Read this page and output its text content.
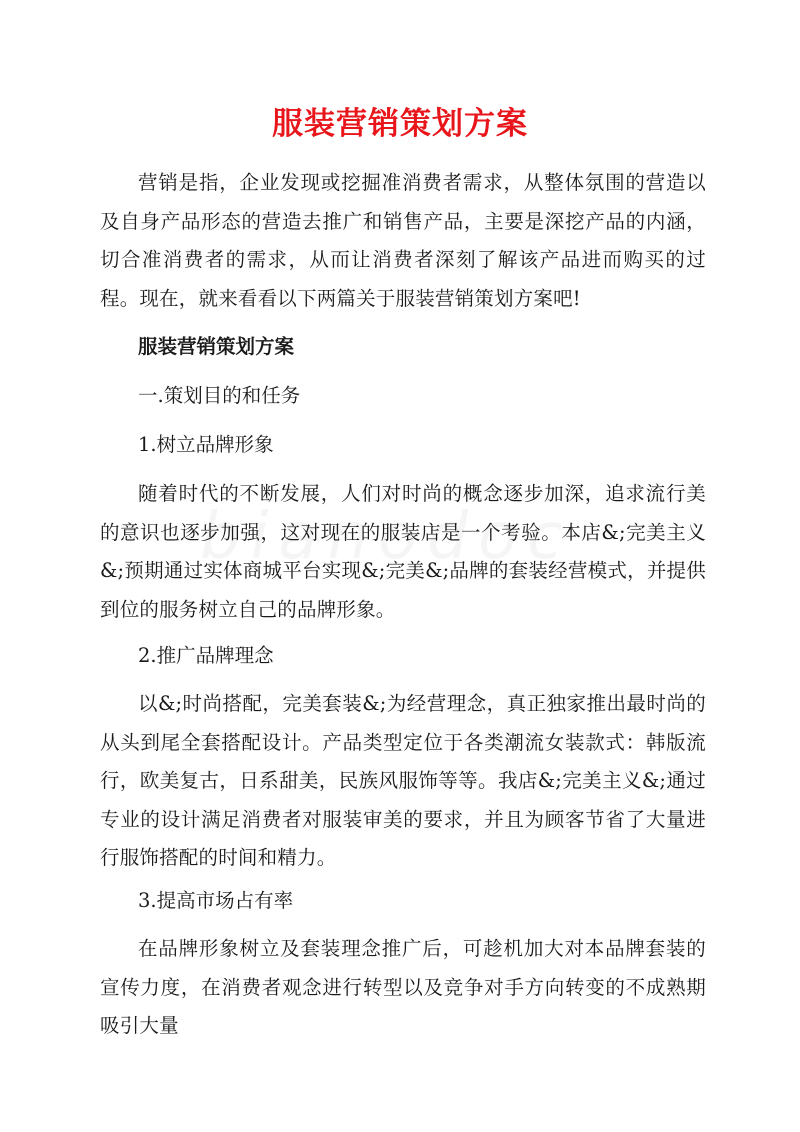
服装营销策划方案
营销是指，企业发现或挖掘准消费者需求，从整体氛围的营造以及自身产品形态的营造去推广和销售产品，主要是深挖产品的内涵，切合准消费者的需求，从而让消费者深刻了解该产品进而购买的过程。现在，就来看看以下两篇关于服装营销策划方案吧!
服装营销策划方案
一.策划目的和任务
1.树立品牌形象
随着时代的不断发展，人们对时尚的概念逐步加深，追求流行美的意识也逐步加强，这对现在的服装店是一个考验。本店&;完美主义&;预期通过实体商城平台实现&;完美&;品牌的套装经营模式，并提供到位的服务树立自己的品牌形象。
2.推广品牌理念
以&;时尚搭配，完美套装&;为经营理念，真正独家推出最时尚的从头到尾全套搭配设计。产品类型定位于各类潮流女装款式：韩版流行，欧美复古，日系甜美，民族风服饰等等。我店&;完美主义&;通过专业的设计满足消费者对服装审美的要求，并且为顾客节省了大量进行服饰搭配的时间和精力。
3.提高市场占有率
在品牌形象树立及套装理念推广后，可趁机加大对本品牌套装的宣传力度，在消费者观念进行转型以及竞争对手方向转变的不成熟期吸引大量
